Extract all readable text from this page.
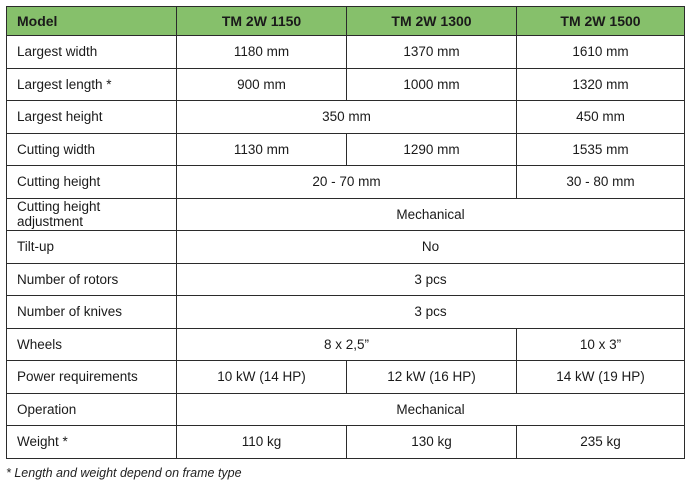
Model	TM 2W 1150	TM 2W 1300	TM 2W 1500
Largest width	1180 mm	1370 mm	1610 mm
Largest length *	900 mm	1000 mm	1320 mm
Largest height	350 mm		450 mm
Cutting width	1130 mm	1290 mm	1535 mm
Cutting height	20 - 70 mm		30 - 80 mm
Cutting height
adjustment	Mechanical		
Tilt-up	No		
Number of rotors	3 pcs		
Number of knives	3 pcs		
Wheels	8 x 2,5”		10 x 3”
Power requirements	10 kW (14 HP)	12 kW (16 HP)	14 kW (19 HP)
Operation	Mechanical		
Weight *	110 kg	130 kg	235 kg
* Length and weight depend on frame type
